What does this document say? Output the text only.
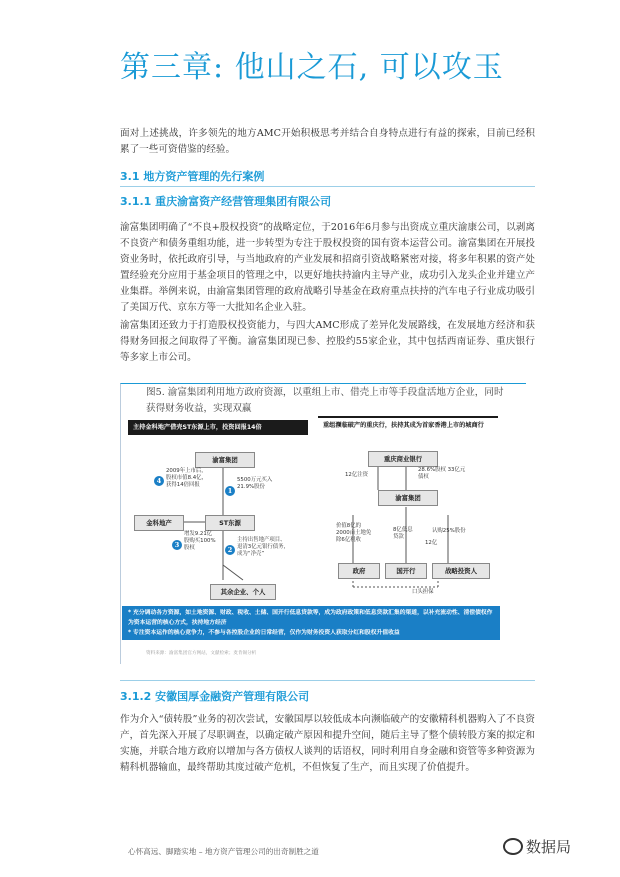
第三章: 他山之石, 可以攻玉
面对上述挑战，许多领先的地方AMC开始积极思考并结合自身特点进行有益的探索，目前已经积累了一些可资借鉴的经验。
3.1 地方资产管理的先行案例
3.1.1 重庆渝富资产经营管理集团有限公司
渝富集团明确了“不良+股权投资”的战略定位，于2016年6月参与出资成立重庆渝康公司，以剥离不良资产和债务重组功能，进一步转型为专注于股权投资的国有资本运营公司。渝富集团在开展投资业务时，依托政府引导，与当地政府的产业发展和招商引资战略紧密对接，将多年积累的资产处置经验充分应用于基金项目的管理之中，以更好地扶持渝内主导产业，成功引入龙头企业并建立产业集群。举例来说，由渝富集团管理的政府战略引导基金在政府重点扶持的汽车电子行业成功吸引了美国万代、京东方等一大批知名企业入驻。
渝富集团还致力于打造股权投资能力，与四大AMC形成了差异化发展路线，在发展地方经济和获得财务回报之间取得了平衡。渝富集团现已参、控股约55家企业，其中包括西南证券、重庆银行等多家上市公司。
图5. 渝富集团利用地方政府资源，以重组上市、借壳上市等手段盘活地方企业，同时获得财务收益，实现双赢
主持金科地产借壳ST东源上市，投资回报14倍
渝富集团
ST东源
金科地产
其余企业、个人
1
5500万元买入21.9%股份
2
主持出售地产项目、退清3亿元银行债务，成为“净壳”
3
增发9.21亿股购买100%股权
4
2009年上市后，股权市值8.4亿，获得14倍回报
重组濒临破产的重庆行，扶持其成为首家香港上市的城商行
重庆商业银行
渝富集团
12亿注资
28.6%股权 33亿元债权
价值8亿的2000亩土地免除6亿税收
8亿低息贷款
认购25%股份
政府	国开行	战略投资人
口头担保
12亿
* 充分调动各方资源，如土地资源、财政、税收、土储、国开行低息贷款等，成为政府政策和低息贷款汇集的渠道，以补充流动性、清偿债权作为资本运营的核心方式，扶持地方经济
* 专注资本运作的核心竞争力，不参与各控股企业的日常经营，仅作为财务投资人获取分红和股权升值收益
资料来源：渝富集团官方网站，文献检索；麦肯锡分析
3.1.2 安徽国厚金融资产管理有限公司
作为介入“债转股”业务的初次尝试，安徽国厚以较低成本向濒临破产的安徽精科机器购入了不良资产，首先深入开展了尽职调查，以确定破产原因和提升空间，随后主导了整个债转股方案的拟定和实施，并联合地方政府以增加与各方债权人谈判的话语权，同时利用自身金融和资管等多种资源为精科机器输血，最终帮助其度过破产危机，不但恢复了生产，而且实现了价值提升。
心怀高远、脚踏实地 – 地方资产管理公司的出奇制胜之道	数据局
